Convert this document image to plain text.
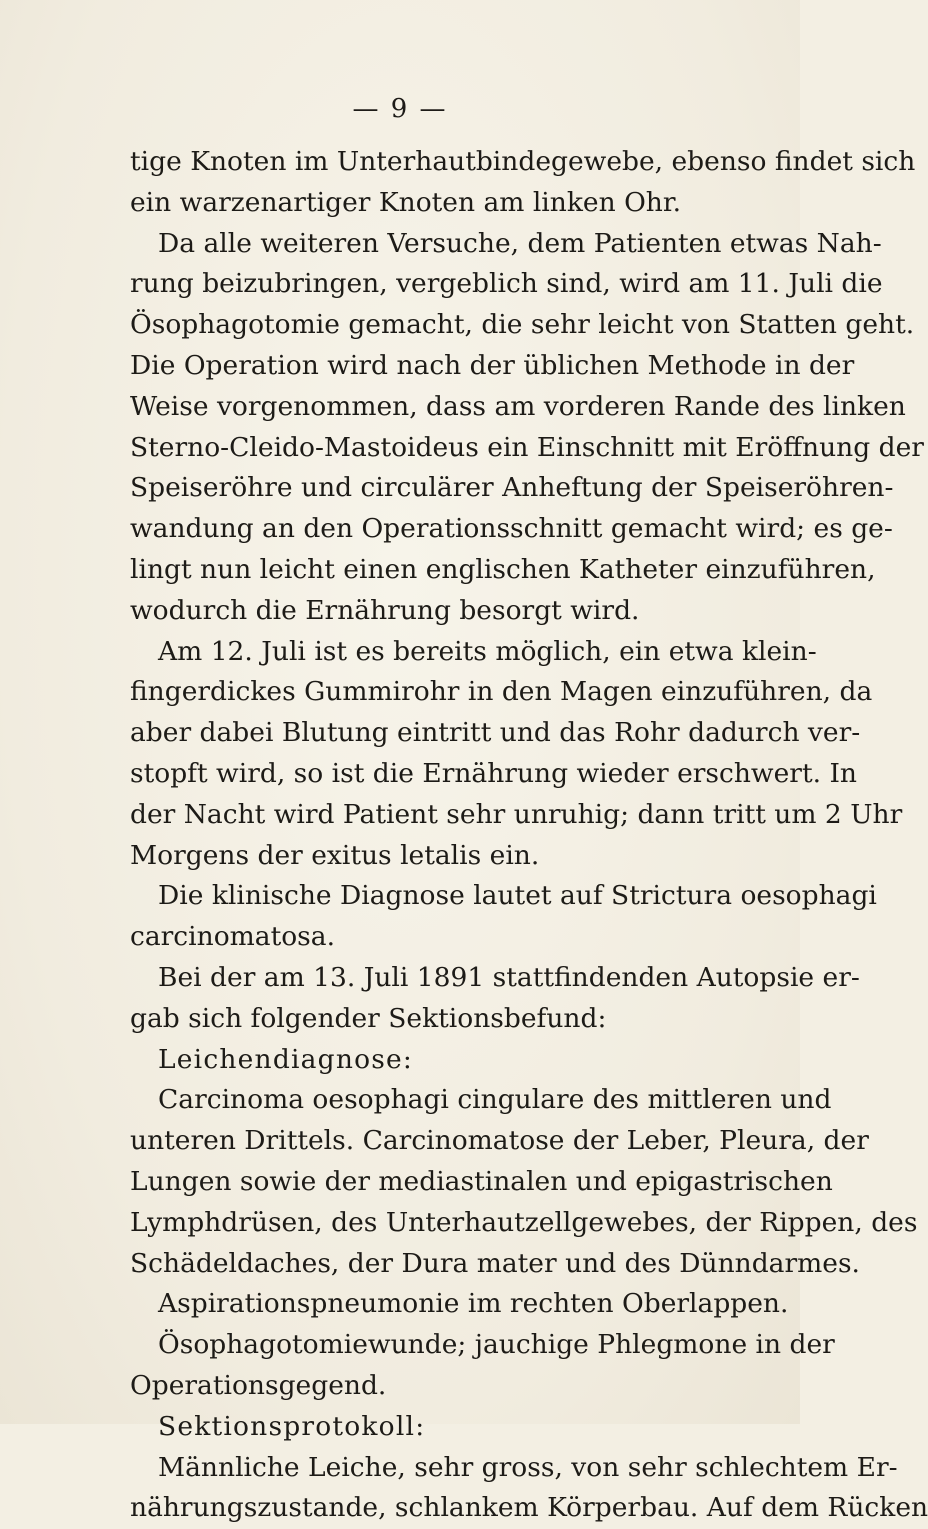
— 9 —
tige Knoten im Unterhautbindegewebe, ebenso findet sich
ein warzenartiger Knoten am linken Ohr.
Da alle weiteren Versuche, dem Patienten etwas Nah-
rung beizubringen, vergeblich sind, wird am 11. Juli die
Ösophagotomie gemacht, die sehr leicht von Statten geht.
Die Operation wird nach der üblichen Methode in der
Weise vorgenommen, dass am vorderen Rande des linken
Sterno-Cleido-Mastoideus ein Einschnitt mit Eröffnung der
Speiseröhre und circulärer Anheftung der Speiseröhren-
wandung an den Operationsschnitt gemacht wird; es ge-
lingt nun leicht einen englischen Katheter einzuführen,
wodurch die Ernährung besorgt wird.
Am 12. Juli ist es bereits möglich, ein etwa klein-
fingerdickes Gummirohr in den Magen einzuführen, da
aber dabei Blutung eintritt und das Rohr dadurch ver-
stopft wird, so ist die Ernährung wieder erschwert. In
der Nacht wird Patient sehr unruhig; dann tritt um 2 Uhr
Morgens der exitus letalis ein.
Die klinische Diagnose lautet auf Strictura oesophagi
carcinomatosa.
Bei der am 13. Juli 1891 stattfindenden Autopsie er-
gab sich folgender Sektionsbefund:
Leichendiagnose:
Carcinoma oesophagi cingulare des mittleren und
unteren Drittels. Carcinomatose der Leber, Pleura, der
Lungen sowie der mediastinalen und epigastrischen
Lymphdrüsen, des Unterhautzellgewebes, der Rippen, des
Schädeldaches, der Dura mater und des Dünndarmes.
Aspirationspneumonie im rechten Oberlappen.
Ösophagotomiewunde; jauchige Phlegmone in der
Operationsgegend.
Sektionsprotokoll:
Männliche Leiche, sehr gross, von sehr schlechtem Er-
nährungszustande, schlankem Körperbau. Auf dem Rücken
